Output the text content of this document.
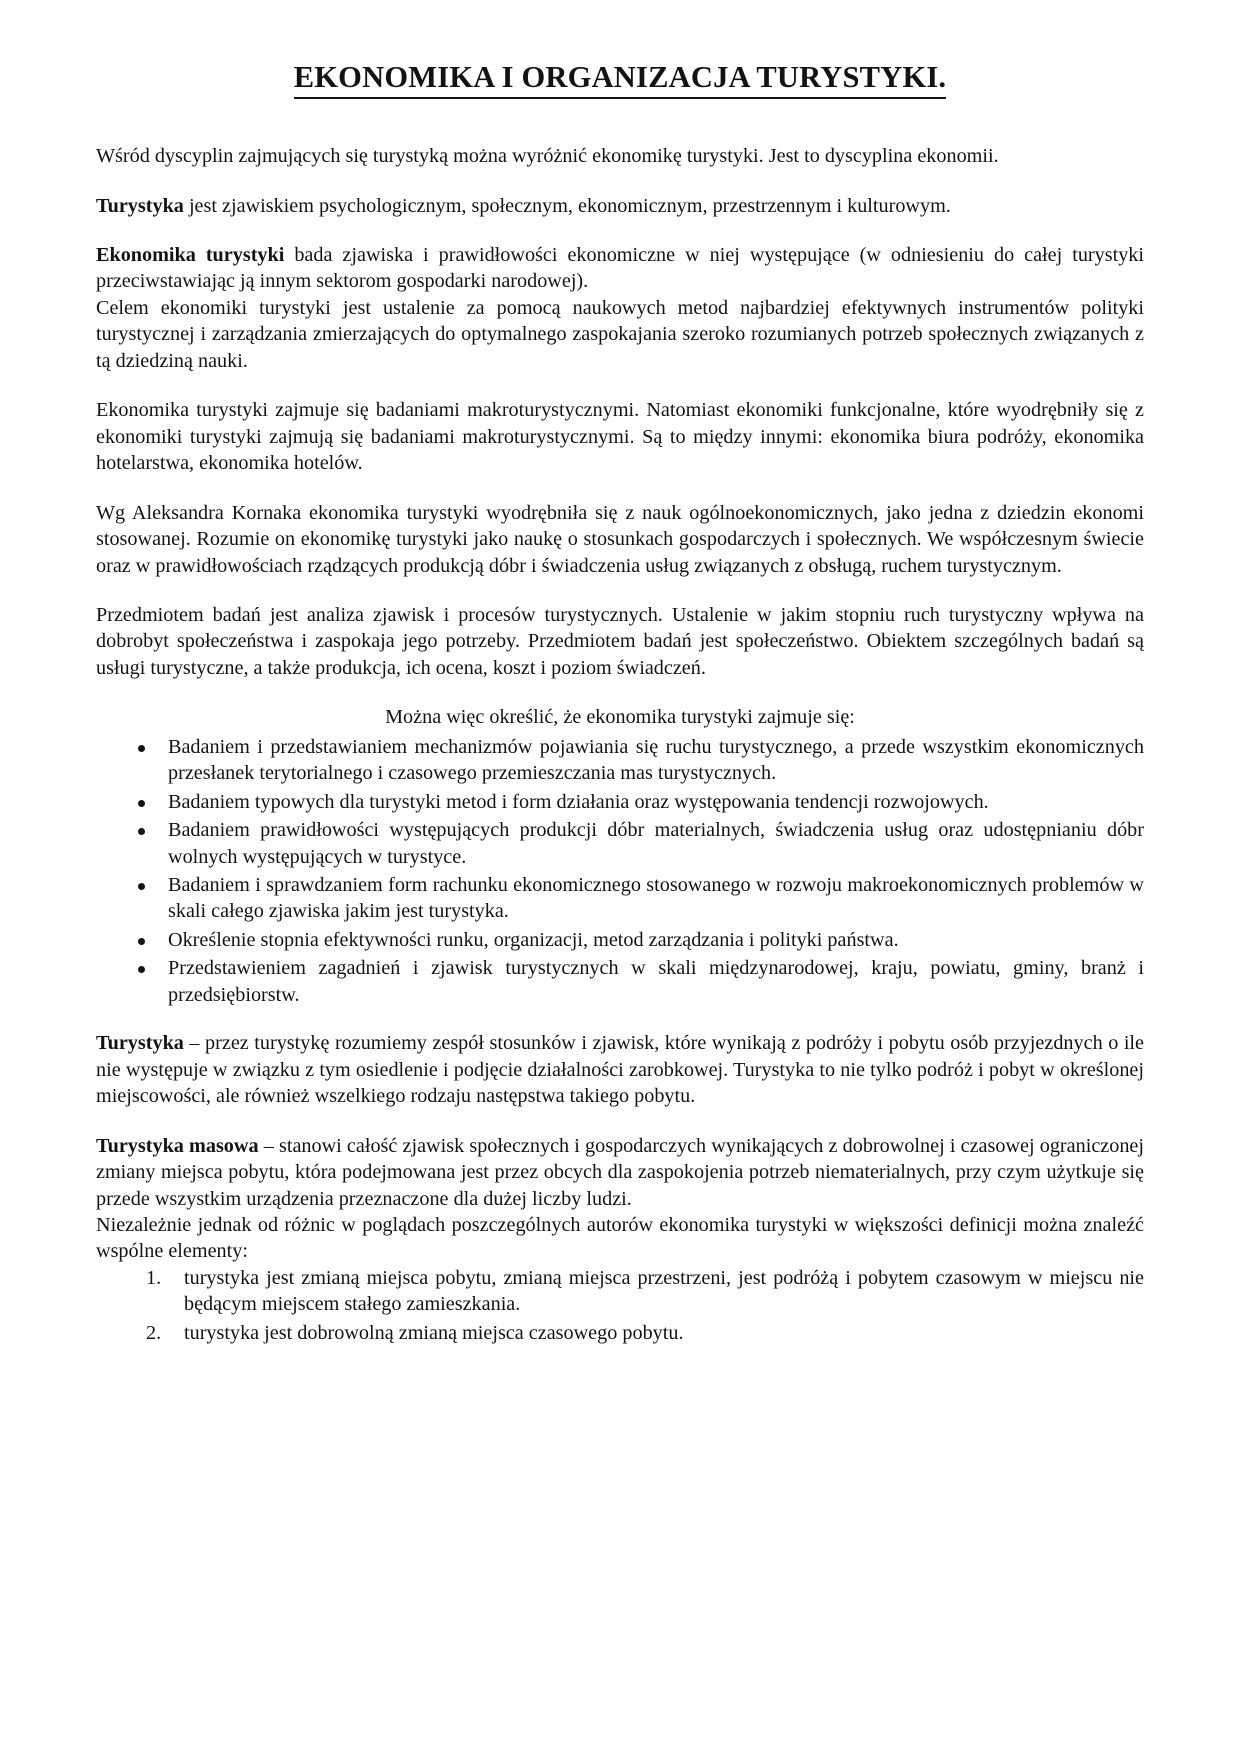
EKONOMIKA I ORGANIZACJA TURYSTYKI.

Wśród dyscyplin zajmujących się turystyką można wyróżnić ekonomikę turystyki. Jest to dyscyplina ekonomii.

Turystyka jest zjawiskiem psychologicznym, społecznym, ekonomicznym, przestrzennym i kulturowym.

Ekonomika turystyki bada zjawiska i prawidłowości ekonomiczne w niej występujące (w odniesieniu do całej turystyki przeciwstawiając ją innym sektorom gospodarki narodowej).

Celem ekonomiki turystyki jest ustalenie za pomocą naukowych metod najbardziej efektywnych instrumentów polityki turystycznej i zarządzania zmierzających do optymalnego zaspokajania szeroko rozumianych potrzeb społecznych związanych z tą dziedziną nauki.

Ekonomika turystyki zajmuje się badaniami makroturystycznymi. Natomiast ekonomiki funkcjonalne, które wyodrębniły się z ekonomiki turystyki zajmują się badaniami makroturystycznymi. Są to między innymi: ekonomika biura podróży, ekonomika hotelarstwa, ekonomika hotelów.

Wg Aleksandra Kornaka ekonomika turystyki wyodrębniła się z nauk ogólnoekonomicznych, jako jedna z dziedzin ekonomi stosowanej. Rozumie on ekonomikę turystyki jako naukę o stosunkach gospodarczych i społecznych. We współczesnym świecie oraz w prawidłowościach rządzących produkcją dóbr i świadczenia usług związanych z obsługą, ruchem turystycznym.

Przedmiotem badań jest analiza zjawisk i procesów turystycznych. Ustalenie w jakim stopniu ruch turystyczny wpływa na dobrobyt społeczeństwa i zaspokaja jego potrzeby. Przedmiotem badań jest społeczeństwo. Obiektem szczególnych badań są usługi turystyczne, a także produkcja, ich ocena, koszt i poziom świadczeń.

Można więc określić, że ekonomika turystyki zajmuje się:

Badaniem i przedstawianiem mechanizmów pojawiania się ruchu turystycznego, a przede wszystkim ekonomicznych przesłanek terytorialnego i czasowego przemieszczania mas turystycznych.
Badaniem typowych dla turystyki metod i form działania oraz występowania tendencji rozwojowych.
Badaniem prawidłowości występujących produkcji dóbr materialnych, świadczenia usług oraz udostępnianiu dóbr wolnych występujących w turystyce.
Badaniem i sprawdzaniem form rachunku ekonomicznego stosowanego w rozwoju makroekonomicznych problemów w skali całego zjawiska jakim jest turystyka.
Określenie stopnia efektywności runku, organizacji, metod zarządzania i polityki państwa.
Przedstawieniem zagadnień i zjawisk turystycznych w skali międzynarodowej, kraju, powiatu, gminy, branż i przedsiębiorstw.

Turystyka – przez turystykę rozumiemy zespół stosunków i zjawisk, które wynikają z podróży i pobytu osób przyjezdnych o ile nie występuje w związku z tym osiedlenie i podjęcie działalności zarobkowej. Turystyka to nie tylko podróż i pobyt w określonej miejscowości, ale również wszelkiego rodzaju następstwa takiego pobytu.

Turystyka masowa – stanowi całość zjawisk społecznych i gospodarczych wynikających z dobrowolnej i czasowej ograniczonej zmiany miejsca pobytu, która podejmowana jest przez obcych dla zaspokojenia potrzeb niematerialnych, przy czym użytkuje się przede wszystkim urządzenia przeznaczone dla dużej liczby ludzi.

Niezależnie jednak od różnic w poglądach poszczególnych autorów ekonomika turystyki w większości definicji można znaleźć wspólne elementy:

turystyka jest zmianą miejsca pobytu, zmianą miejsca przestrzeni, jest podróżą i pobytem czasowym w miejscu nie będącym miejscem stałego zamieszkania.
turystyka jest dobrowolną zmianą miejsca czasowego pobytu.
